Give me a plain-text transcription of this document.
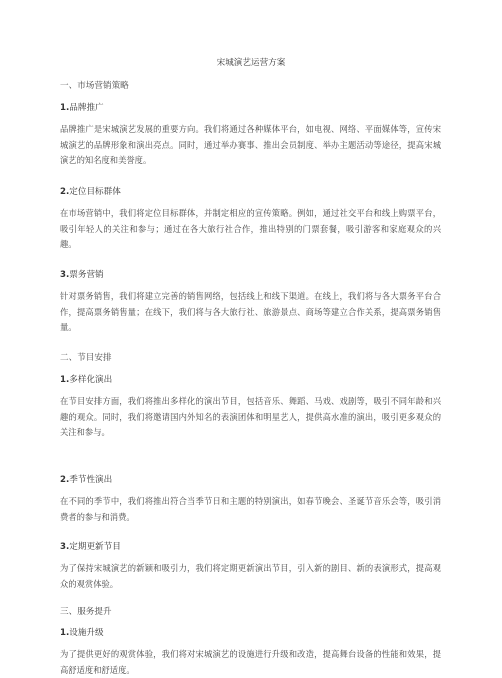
宋城演艺运营方案
一、市场营销策略
1.品牌推广
品牌推广是宋城演艺发展的重要方向。我们将通过各种媒体平台，如电视、网络、平面媒体等，宣传宋城演艺的品牌形象和演出亮点。同时，通过举办赛事、推出会员制度、举办主题活动等途径，提高宋城演艺的知名度和美誉度。
2.定位目标群体
在市场营销中，我们将定位目标群体，并制定相应的宣传策略。例如，通过社交平台和线上购票平台，吸引年轻人的关注和参与；通过在各大旅行社合作，推出特别的门票套餐，吸引游客和家庭观众的兴趣。
3.票务营销
针对票务销售，我们将建立完善的销售网络，包括线上和线下渠道。在线上，我们将与各大票务平台合作，提高票务销售量；在线下，我们将与各大旅行社、旅游景点、商场等建立合作关系，提高票务销售量。
二、节目安排
1.多样化演出
在节目安排方面，我们将推出多样化的演出节目，包括音乐、舞蹈、马戏、戏剧等，吸引不同年龄和兴趣的观众。同时，我们将邀请国内外知名的表演团体和明星艺人，提供高水准的演出，吸引更多观众的关注和参与。
2.季节性演出
在不同的季节中，我们将推出符合当季节日和主题的特别演出，如春节晚会、圣诞节音乐会等，吸引消费者的参与和消费。
3.定期更新节目
为了保持宋城演艺的新颖和吸引力，我们将定期更新演出节目，引入新的剧目、新的表演形式，提高观众的观赏体验。
三、服务提升
1.设施升级
为了提供更好的观赏体验，我们将对宋城演艺的设施进行升级和改造，提高舞台设备的性能和效果，提高舒适度和舒适度。
